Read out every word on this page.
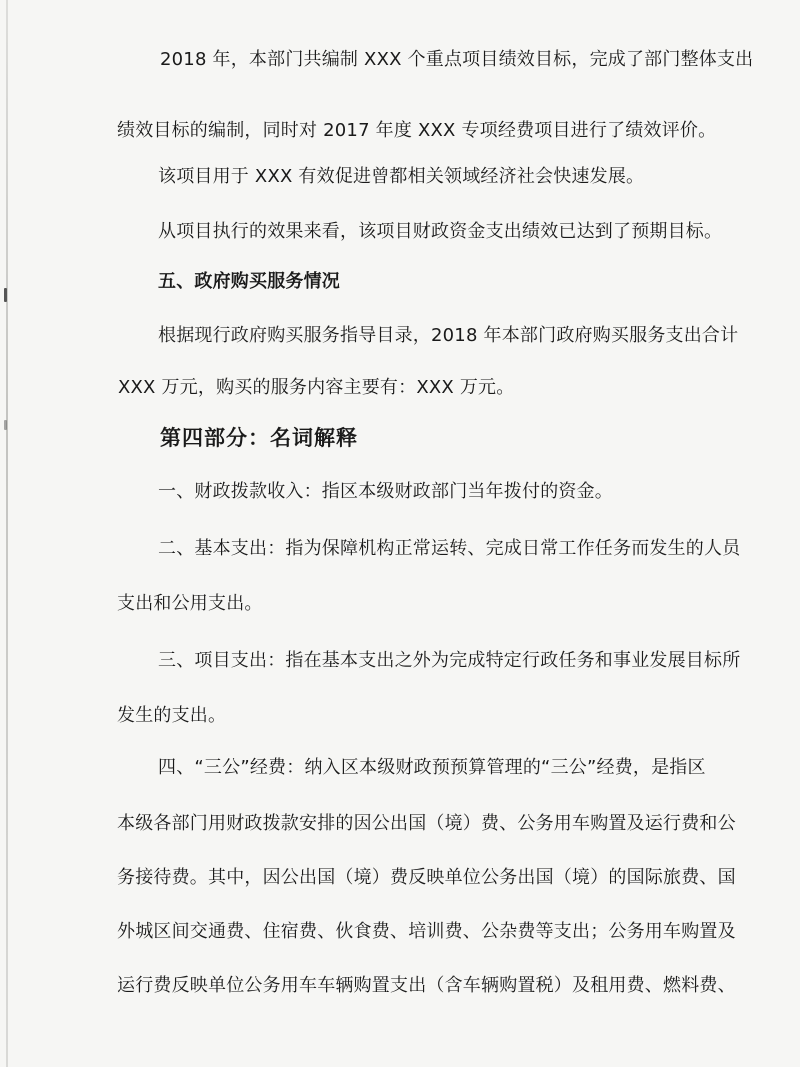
2018 年，本部门共编制 XXX 个重点项目绩效目标，完成了部门整体支出
绩效目标的编制，同时对 2017 年度 XXX 专项经费项目进行了绩效评价。
该项目用于 XXX 有效促进曾都相关领域经济社会快速发展。
从项目执行的效果来看，该项目财政资金支出绩效已达到了预期目标。
五、政府购买服务情况
根据现行政府购买服务指导目录，2018 年本部门政府购买服务支出合计
XXX 万元，购买的服务内容主要有：XXX 万元。
第四部分：名词解释
一、财政拨款收入：指区本级财政部门当年拨付的资金。
二、基本支出：指为保障机构正常运转、完成日常工作任务而发生的人员
支出和公用支出。
三、项目支出：指在基本支出之外为完成特定行政任务和事业发展目标所
发生的支出。
四、“三公”经费：纳入区本级财政预预算管理的“三公”经费，是指区
本级各部门用财政拨款安排的因公出国（境）费、公务用车购置及运行费和公
务接待费。其中，因公出国（境）费反映单位公务出国（境）的国际旅费、国
外城区间交通费、住宿费、伙食费、培训费、公杂费等支出；公务用车购置及
运行费反映单位公务用车车辆购置支出（含车辆购置税）及租用费、燃料费、
